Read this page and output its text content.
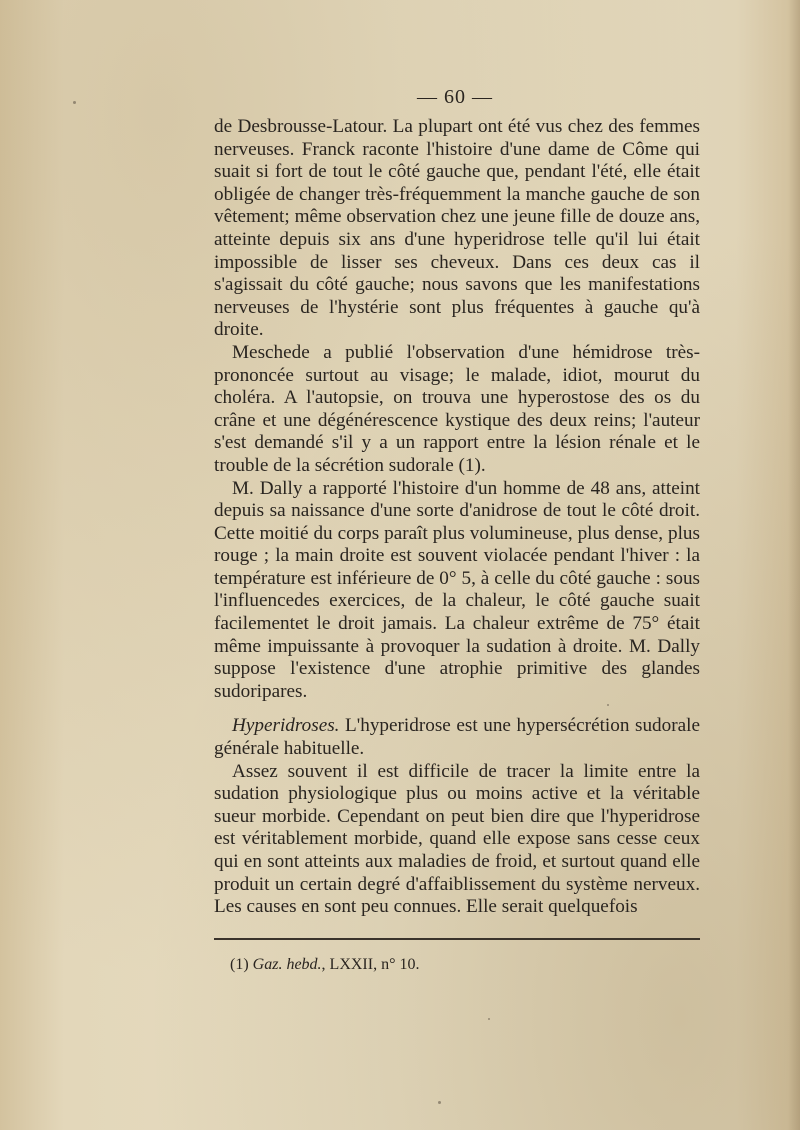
— 60 —

de Desbrousse-Latour. La plupart ont été vus chez des femmes nerveuses. Franck raconte l'histoire d'une dame de Côme qui suait si fort de tout le côté gauche que, pendant l'été, elle était obligée de changer très-fréquemment la manche gauche de son vêtement; même observation chez une jeune fille de douze ans, atteinte depuis six ans d'une hyperidrose telle qu'il lui était impossible de lisser ses cheveux. Dans ces deux cas il s'agissait du côté gauche; nous savons que les manifestations nerveuses de l'hystérie sont plus fréquentes à gauche qu'à droite.

Meschede a publié l'observation d'une hémidrose très-prononcée surtout au visage; le malade, idiot, mourut du choléra. A l'autopsie, on trouva une hyperostose des os du crâne et une dégénérescence kystique des deux reins; l'auteur s'est demandé s'il y a un rapport entre la lésion rénale et le trouble de la sécrétion sudorale (1).

M. Dally a rapporté l'histoire d'un homme de 48 ans, atteint depuis sa naissance d'une sorte d'anidrose de tout le côté droit. Cette moitié du corps paraît plus volumineuse, plus dense, plus rouge ; la main droite est souvent violacée pendant l'hiver : la température est inférieure de 0° 5, à celle du côté gauche : sous l'influencedes exercices, de la chaleur, le côté gauche suait facilementet le droit jamais. La chaleur extrême de 75° était même impuissante à provoquer la sudation à droite. M. Dally suppose l'existence d'une atrophie primitive des glandes sudoripares.

Hyperidroses. L'hyperidrose est une hypersécrétion sudorale générale habituelle.

Assez souvent il est difficile de tracer la limite entre la sudation physiologique plus ou moins active et la véritable sueur morbide. Cependant on peut bien dire que l'hyperidrose est véritablement morbide, quand elle expose sans cesse ceux qui en sont atteints aux maladies de froid, et surtout quand elle produit un certain degré d'affaiblissement du système nerveux. Les causes en sont peu connues. Elle serait quelquefois

(1) Gaz. hebd., LXXII, n° 10.
